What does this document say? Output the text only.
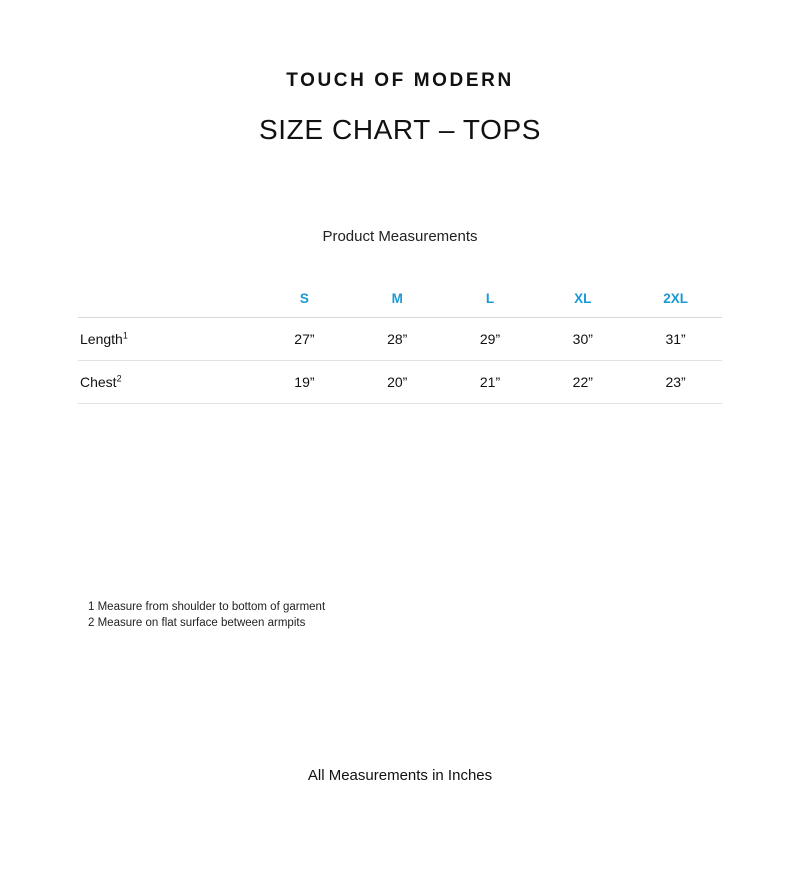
TOUCH OF MODERN
SIZE CHART – TOPS
Product Measurements
	S	M	L	XL	2XL
Length$^1$	27”	28”	29”	30”	31”
Chest$^2$	19”	20”	21”	22”	23”
1 Measure from shoulder to bottom of garment
2 Measure on flat surface between armpits
All Measurements in Inches
